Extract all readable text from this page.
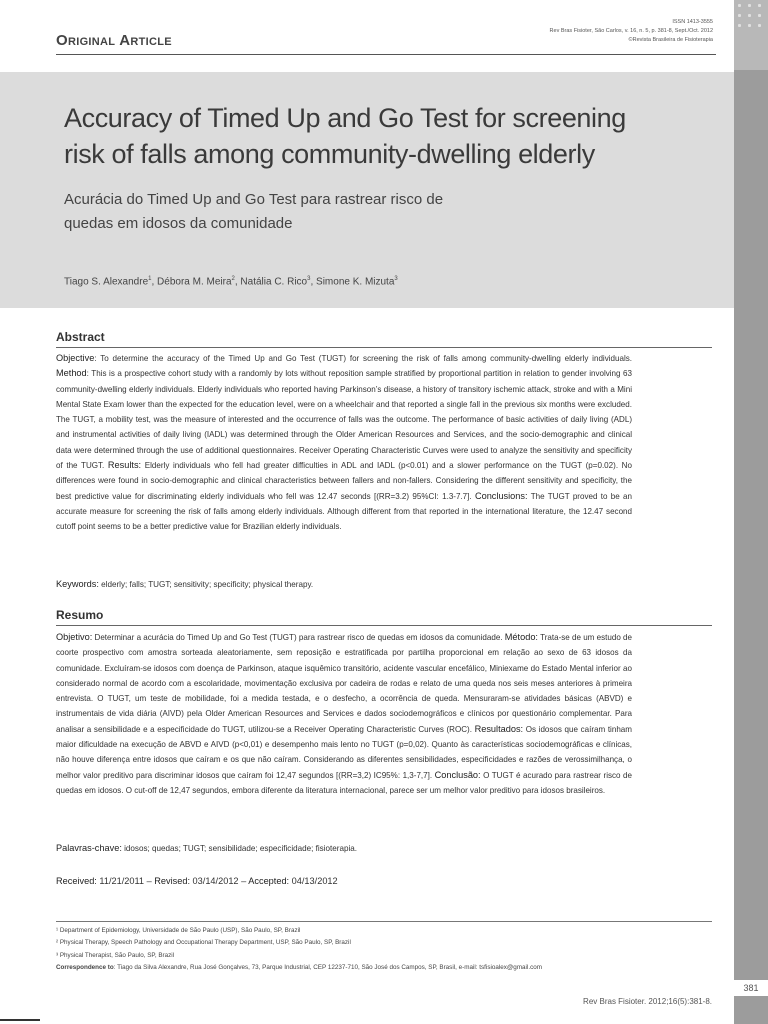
381
Original Article
ISSN 1413-3555
Rev Bras Fisioter, São Carlos, v. 16, n. 5, p. 381-8, Sept./Oct. 2012
©Revista Brasileira de Fisioterapia
Accuracy of Timed Up and Go Test for screening
risk of falls among community-dwelling elderly
Acurácia do Timed Up and Go Test para rastrear risco de
quedas em idosos da comunidade
Tiago S. Alexandre$^1$, Débora M. Meira$^2$, Natália C. Rico$^3$, Simone K. Mizuta$^3$
Abstract
Objective: To determine the accuracy of the Timed Up and Go Test (TUGT) for screening the risk of falls among community-dwelling elderly individuals. Method: This is a prospective cohort study with a randomly by lots without reposition sample stratified by proportional partition in relation to gender involving 63 community-dwelling elderly individuals. Elderly individuals who reported having Parkinson’s disease, a history of transitory ischemic attack, stroke and with a Mini Mental State Exam lower than the expected for the education level, were on a wheelchair and that reported a single fall in the previous six months were excluded. The TUGT, a mobility test, was the measure of interested and the occurrence of falls was the outcome. The performance of basic activities of daily living (ADL) and instrumental activities of daily living (IADL) was determined through the Older American Resources and Services, and the socio-demographic and clinical data were determined through the use of additional questionnaires. Receiver Operating Characteristic Curves were used to analyze the sensitivity and specificity of the TUGT. Results: Elderly individuals who fell had greater difficulties in ADL and IADL (p<0.01) and a slower performance on the TUGT (p=0.02). No differences were found in socio-demographic and clinical characteristics between fallers and non-fallers. Considering the different sensitivity and specificity, the best predictive value for discriminating elderly individuals who fell was 12.47 seconds [(RR=3.2) 95%CI: 1.3-7.7]. Conclusions: The TUGT proved to be an accurate measure for screening the risk of falls among elderly individuals. Although different from that reported in the international literature, the 12.47 second cutoff point seems to be a better predictive value for Brazilian elderly individuals.
Keywords: elderly; falls; TUGT; sensitivity; specificity; physical therapy.
Resumo
Objetivo: Determinar a acurácia do Timed Up and Go Test (TUGT) para rastrear risco de quedas em idosos da comunidade. Método: Trata-se de um estudo de coorte prospectivo com amostra sorteada aleatoriamente, sem reposição e estratificada por partilha proporcional em relação ao sexo de 63 idosos da comunidade. Excluíram-se idosos com doença de Parkinson, ataque isquêmico transitório, acidente vascular encefálico, Miniexame do Estado Mental inferior ao considerado normal de acordo com a escolaridade, movimentação exclusiva por cadeira de rodas e relato de uma queda nos seis meses anteriores à primeira entrevista. O TUGT, um teste de mobilidade, foi a medida testada, e o desfecho, a ocorrência de queda. Mensuraram-se atividades básicas (ABVD) e instrumentais de vida diária (AIVD) pela Older American Resources and Services e dados sociodemográficos e clínicos por questionário complementar. Para analisar a sensibilidade e a especificidade do TUGT, utilizou-se a Receiver Operating Characteristic Curves (ROC). Resultados: Os idosos que caíram tinham maior dificuldade na execução de ABVD e AIVD (p<0,01) e desempenho mais lento no TUGT (p=0,02). Quanto às características sociodemográficas e clínicas, não houve diferença entre idosos que caíram e os que não caíram. Considerando as diferentes sensibilidades, especificidades e razões de verossimilhança, o melhor valor preditivo para discriminar idosos que caíram foi 12,47 segundos [(RR=3,2) IC95%: 1,3-7,7]. Conclusão: O TUGT é acurado para rastrear risco de quedas em idosos. O cut-off de 12,47 segundos, embora diferente da literatura internacional, parece ser um melhor valor preditivo para idosos brasileiros.
Palavras-chave: idosos; quedas; TUGT; sensibilidade; especificidade; fisioterapia.
Received: 11/21/2011 – Revised: 03/14/2012 – Accepted: 04/13/2012
¹ Department of Epidemiology, Universidade de São Paulo (USP), São Paulo, SP, Brazil
² Physical Therapy, Speech Pathology and Occupational Therapy Department, USP, São Paulo, SP, Brazil
³ Physical Therapist, São Paulo, SP, Brazil
Correspondence to: Tiago da Silva Alexandre, Rua José Gonçalves, 73, Parque Industrial, CEP 12237-710, São José dos Campos, SP, Brasil, e-mail: tsfisioalex@gmail.com
Rev Bras Fisioter. 2012;16(5):381-8.
